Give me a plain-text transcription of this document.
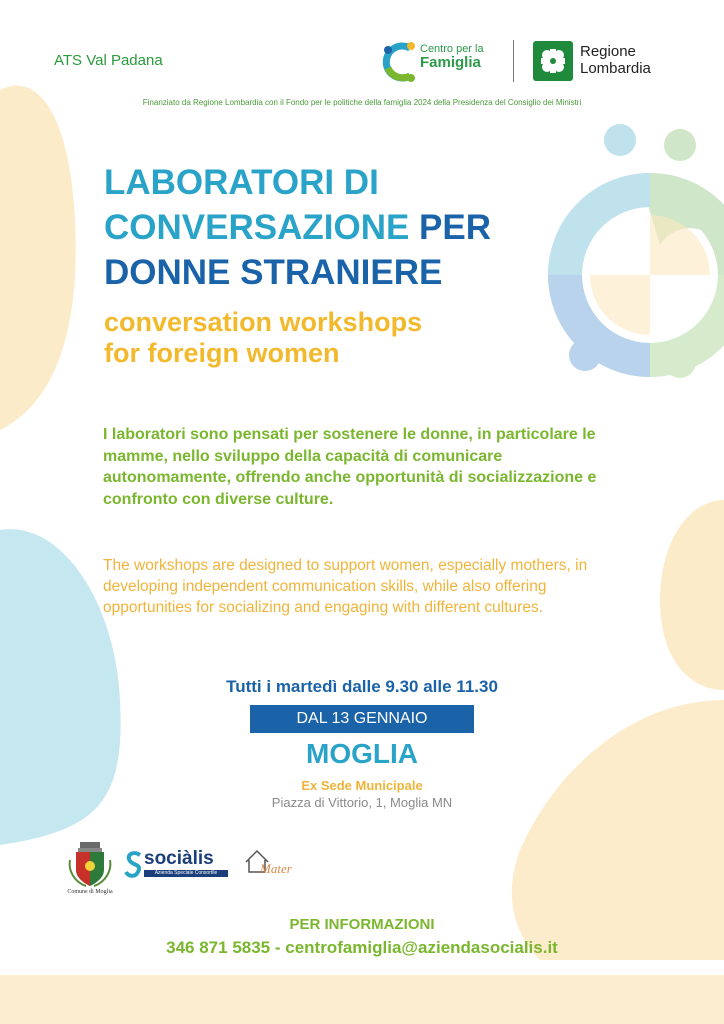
ATS Val Padana
Centro per la
Famiglia
Regione
Lombardia
Finanziato da Regione Lombardia con il Fondo per le politiche della famiglia 2024 della Presidenza del Consiglio dei Ministri
LABORATORI DI
CONVERSAZIONE PER
DONNE STRANIERE
conversation workshops
for foreign women

I laboratori sono pensati per sostenere le donne, in particolare le mamme, nello sviluppo della capacità di comunicare autonomamente, offrendo anche opportunità di socializzazione e confronto con diverse culture.

The workshops are designed to support women, especially mothers, in developing independent communication skills, while also offering opportunities for socializing and engaging with different cultures.

Tutti i martedì dalle 9.30 alle 11.30
DAL 13 GENNAIO
MOGLIA
Ex Sede Municipale
Piazza di Vittorio, 1, Moglia MN
Comune di Moglia
sociàlis
Azienda Speciale Consortile	Mater
PER INFORMAZIONI
346 871 5835 - centrofamiglia@aziendasocialis.it
